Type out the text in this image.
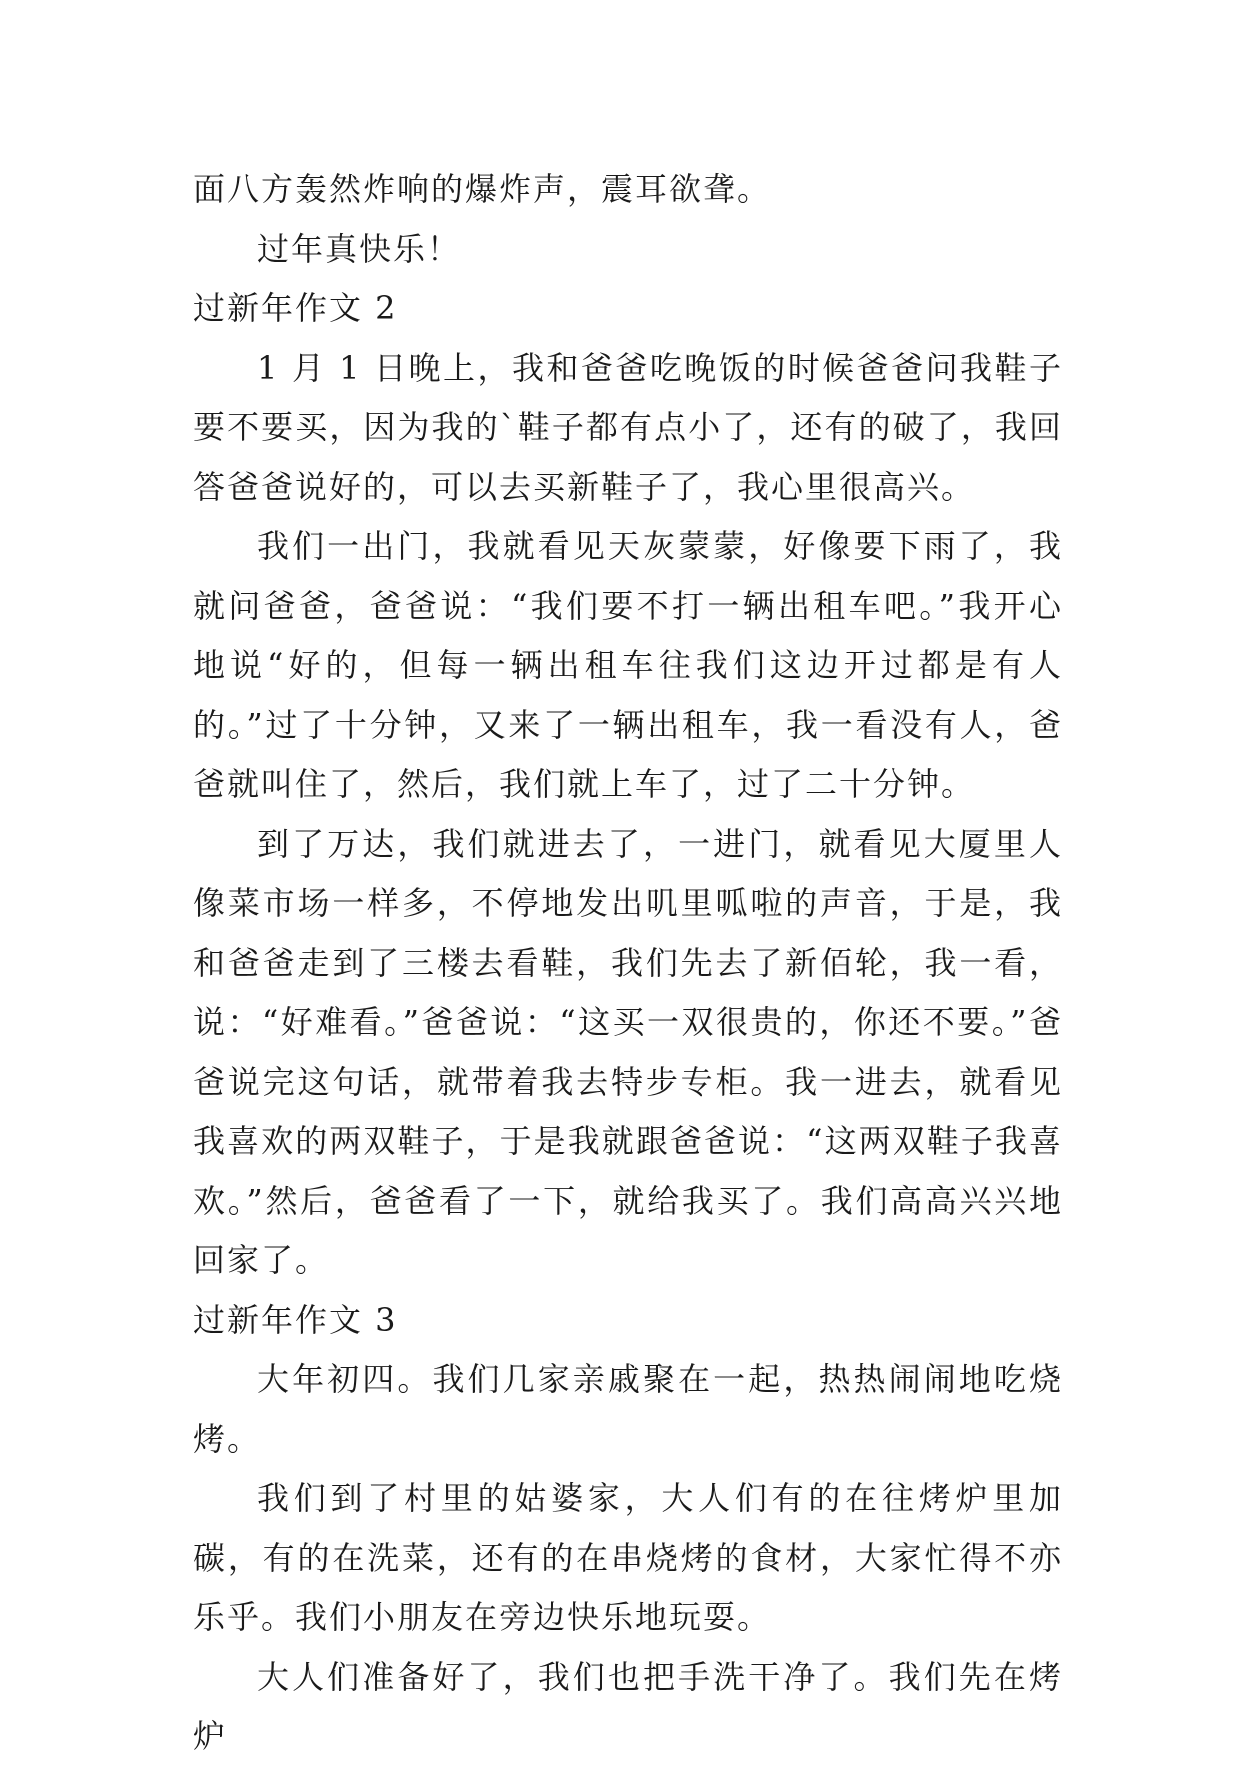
面八方轰然炸响的爆炸声，震耳欲聋。

过年真快乐！

过新年作文 2

1 月 1 日晚上，我和爸爸吃晚饭的时候爸爸问我鞋子要不要买，因为我的`鞋子都有点小了，还有的破了，我回答爸爸说好的，可以去买新鞋子了，我心里很高兴。

我们一出门，我就看见天灰蒙蒙，好像要下雨了，我就问爸爸，爸爸说：“我们要不打一辆出租车吧。”我开心地说“好的，但每一辆出租车往我们这边开过都是有人的。”过了十分钟，又来了一辆出租车，我一看没有人，爸爸就叫住了，然后，我们就上车了，过了二十分钟。

到了万达，我们就进去了，一进门，就看见大厦里人像菜市场一样多，不停地发出叽里呱啦的声音，于是，我和爸爸走到了三楼去看鞋，我们先去了新佰轮，我一看，说：“好难看。”爸爸说：“这买一双很贵的，你还不要。”爸爸说完这句话，就带着我去特步专柜。我一进去，就看见我喜欢的两双鞋子，于是我就跟爸爸说：“这两双鞋子我喜欢。”然后，爸爸看了一下，就给我买了。我们高高兴兴地回家了。

过新年作文 3

大年初四。我们几家亲戚聚在一起，热热闹闹地吃烧烤。

我们到了村里的姑婆家，大人们有的在往烤炉里加碳，有的在洗菜，还有的在串烧烤的食材，大家忙得不亦乐乎。我们小朋友在旁边快乐地玩耍。

大人们准备好了，我们也把手洗干净了。我们先在烤炉
